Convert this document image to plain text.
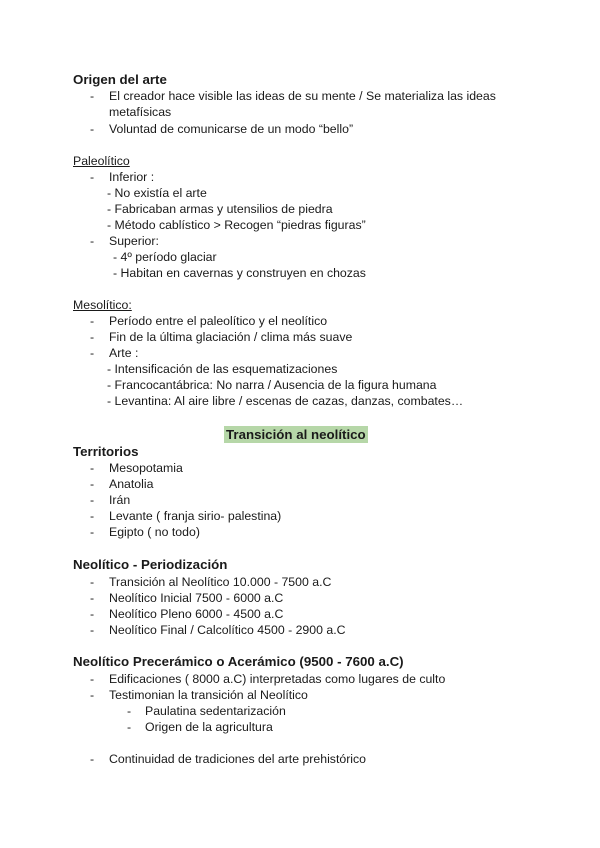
Origen del arte
- El creador hace visible las ideas de su mente / Se materializa las ideas
metafísicas
- Voluntad de comunicarse de un modo “bello”
Paleolítico
- Inferior :
- No existía el arte
- Fabricaban armas y utensilios de piedra
- Método cablístico > Recogen “piedras figuras”
- Superior:
- 4º período glaciar
- Habitan en cavernas y construyen en chozas
Mesolítico:
- Período entre el paleolítico y el neolítico
- Fin de la última glaciación / clima más suave
- Arte :
- Intensificación de las esquematizaciones
- Francocantábrica: No narra / Ausencia de la figura humana
- Levantina: Al aire libre / escenas de cazas, danzas, combates…
Transición al neolítico
Territorios
- Mesopotamia
- Anatolia
- Irán
- Levante ( franja sirio- palestina)
- Egipto ( no todo)
Neolítico - Periodización
- Transición al Neolítico 10.000 - 7500 a.C
- Neolítico Inicial 7500 - 6000 a.C
- Neolítico Pleno 6000 - 4500 a.C
- Neolítico Final / Calcolítico 4500 - 2900 a.C
Neolítico Precerámico o Acerámico (9500 - 7600 a.C)
- Edificaciones ( 8000 a.C) interpretadas como lugares de culto
- Testimonian la transición al Neolítico
- Paulatina sedentarización
- Origen de la agricultura
- Continuidad de tradiciones del arte prehistórico
